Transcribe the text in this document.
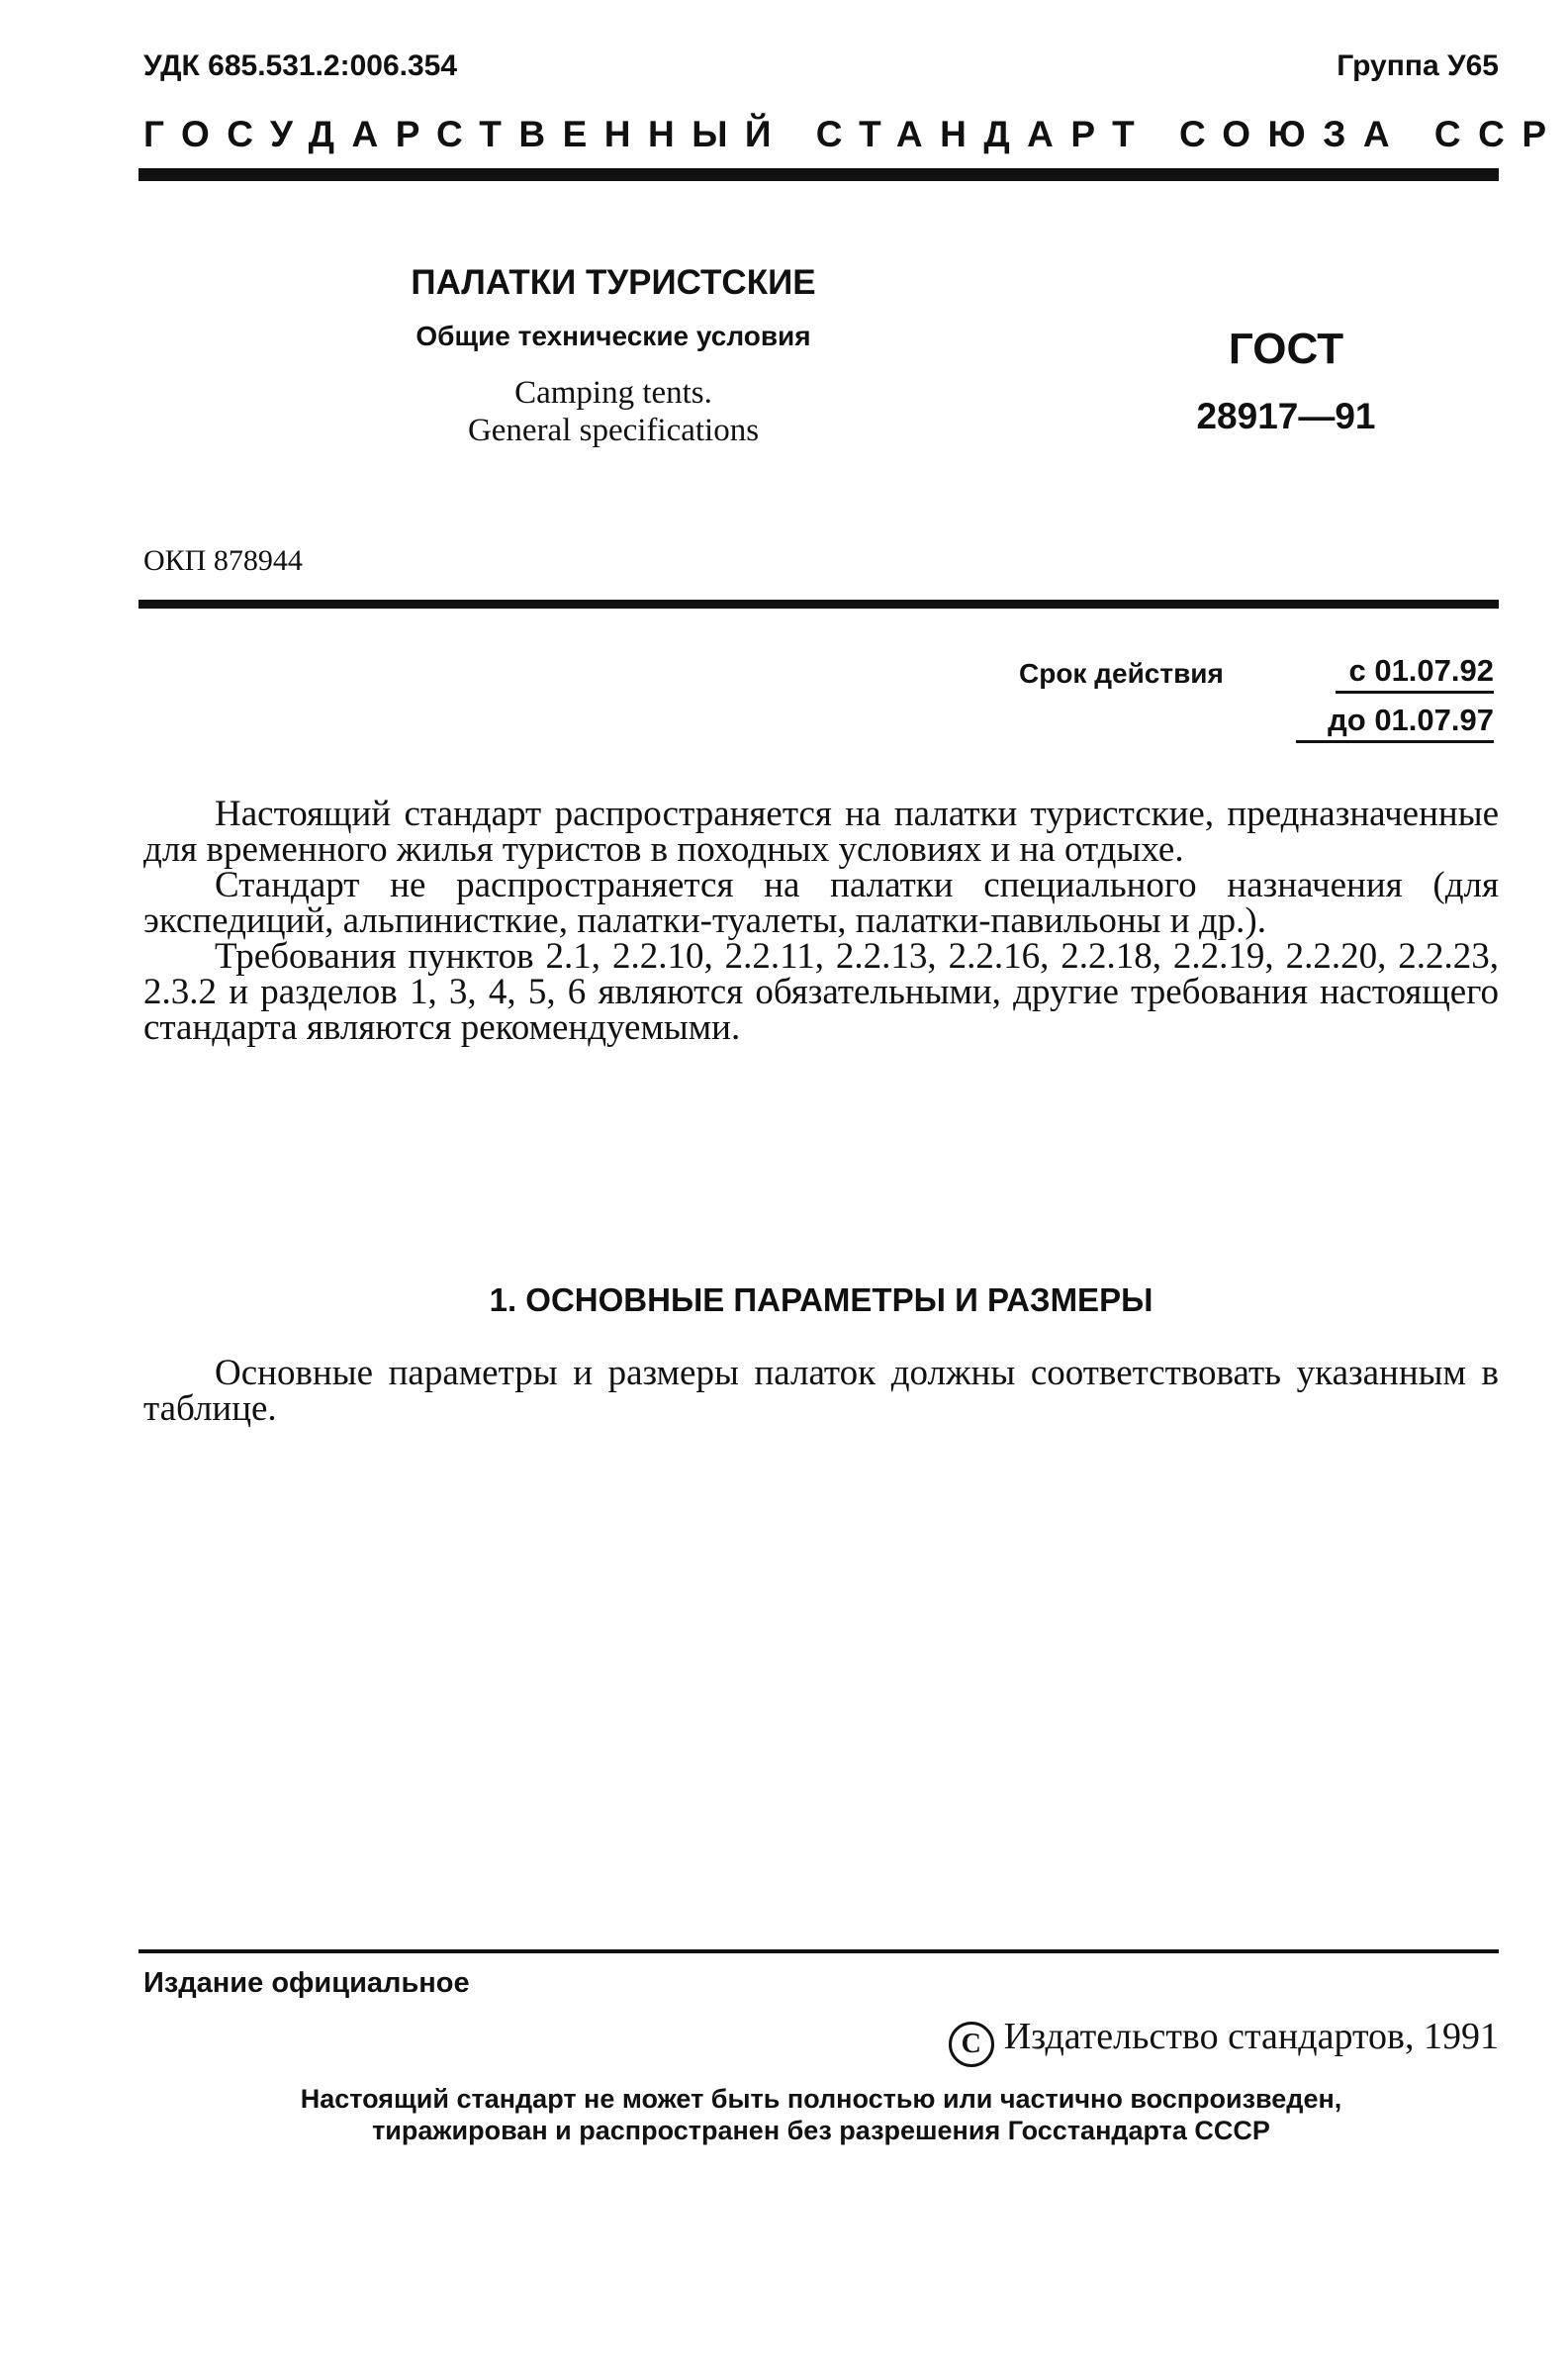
УДК 685.531.2:006.354	Группа У65
ГОСУДАРСТВЕННЫЙ СТАНДАРТ СОЮЗА ССР
ПАЛАТКИ ТУРИСТСКИЕ
Общие технические условия
Camping tents.
General specifications
ГОСТ
28917—91
ОКП 878944
Срок действия	с 01.07.92
до 01.07.97

Настоящий стандарт распространяется на палатки туристские, предназначенные для временного жилья туристов в походных условиях и на отдыхе.

Стандарт не распространяется на палатки специального назначения (для экспедиций, альпинисткие, палатки-туалеты, палатки-павильоны и др.).

Требования пунктов 2.1, 2.2.10, 2.2.11, 2.2.13, 2.2.16, 2.2.18, 2.2.19, 2.2.20, 2.2.23, 2.3.2 и разделов 1, 3, 4, 5, 6 являются обязательными, другие требования настоящего стандарта являются рекомендуемыми.

1. ОСНОВНЫЕ ПАРАМЕТРЫ И РАЗМЕРЫ

Основные параметры и размеры палаток должны соответствовать указанным в таблице.

Издание официальное
C Издательство стандартов, 1991
Настоящий стандарт не может быть полностью или частично воспроизведен,
тиражирован и распространен без разрешения Госстандарта СССР
